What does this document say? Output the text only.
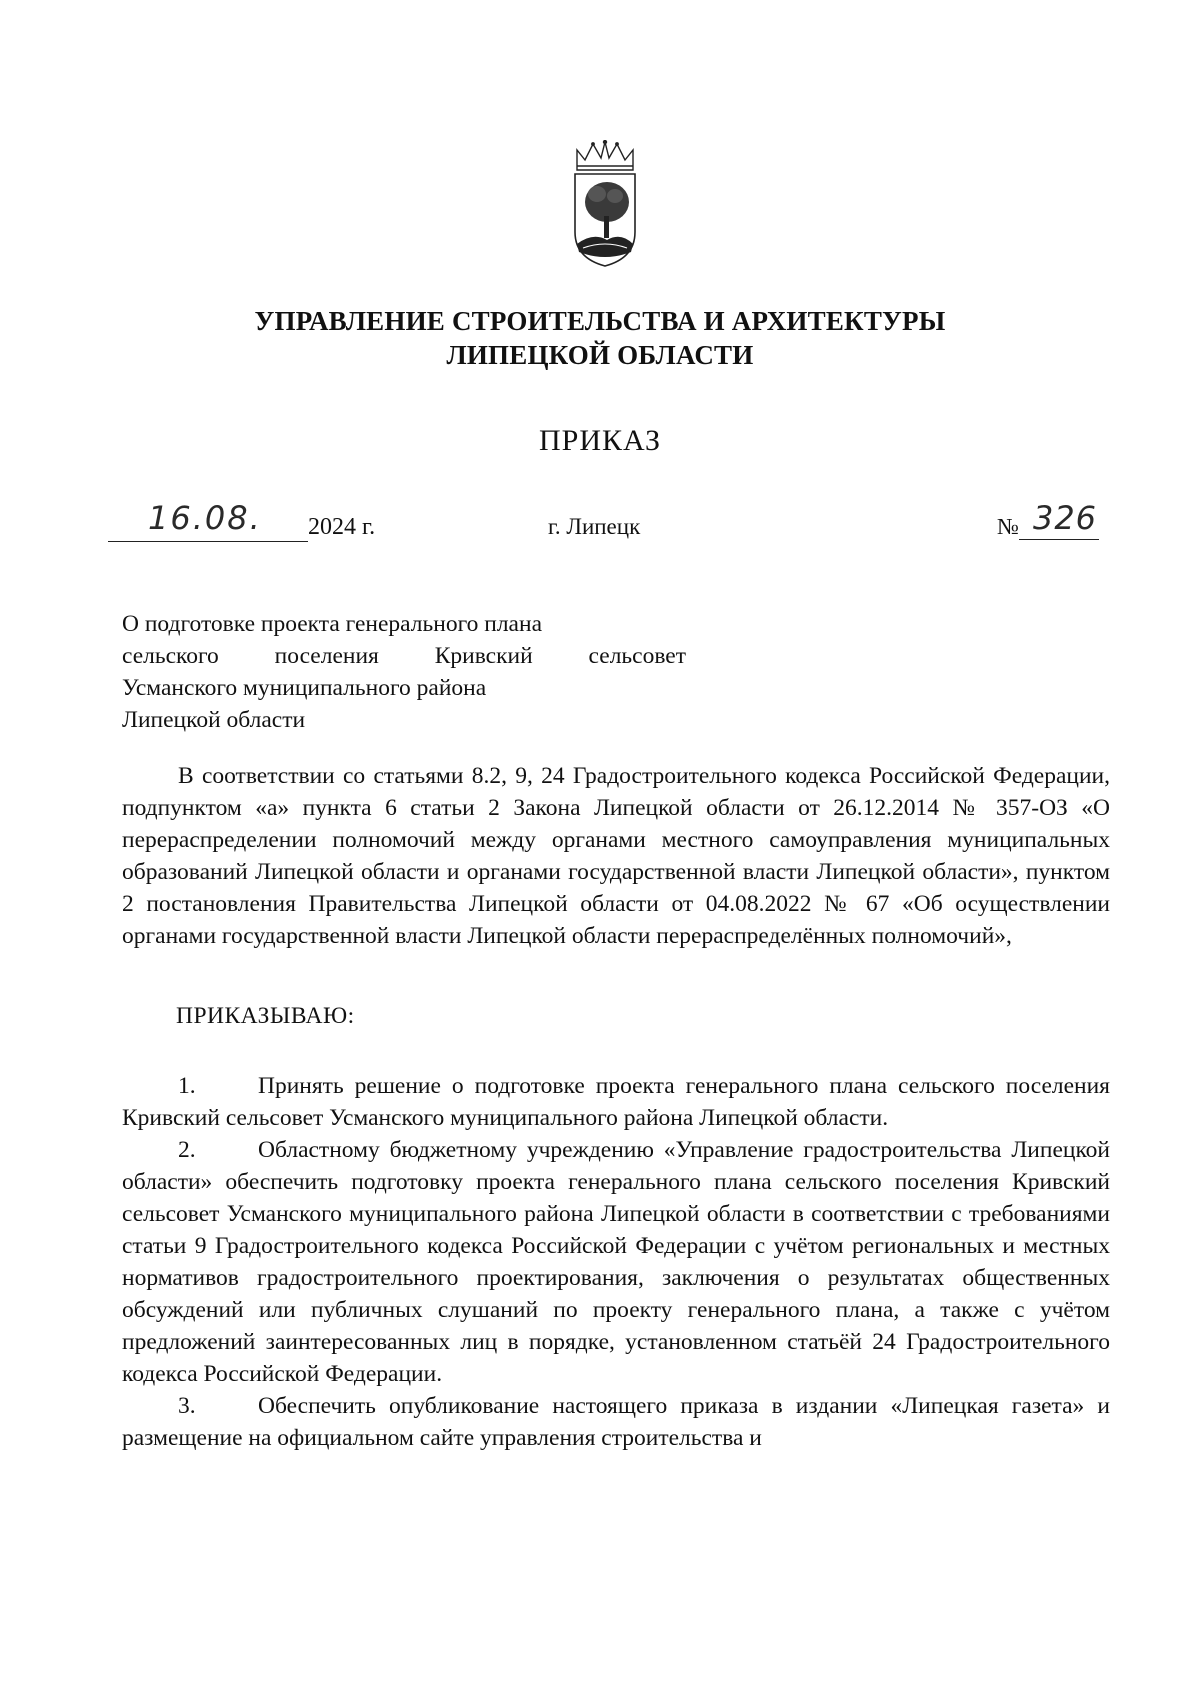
УПРАВЛЕНИЕ СТРОИТЕЛЬСТВА И АРХИТЕКТУРЫ
ЛИПЕЦКОЙ ОБЛАСТИ
ПРИКАЗ
16.08. 2024 г.	г. Липецк	№ 326
О подготовке проекта генерального плана
сельского поселения Кривский сельсовет
Усманского муниципального района
Липецкой области
В соответствии со статьями 8.2, 9, 24 Градостроительного кодекса Российской Федерации, подпунктом «а» пункта 6 статьи 2 Закона Липецкой области от 26.12.2014 № 357-ОЗ «О перераспределении полномочий между органами местного самоуправления муниципальных образований Липецкой области и органами государственной власти Липецкой области», пунктом 2 постановления Правительства Липецкой области от 04.08.2022 № 67 «Об осуществлении органами государственной власти Липецкой области перераспределённых полномочий»,
ПРИКАЗЫВАЮ:

1.	Принять решение о подготовке проекта генерального плана сельского поселения Кривский сельсовет Усманского муниципального района Липецкой области.

2.	Областному бюджетному учреждению «Управление градостроительства Липецкой области» обеспечить подготовку проекта генерального плана сельского поселения Кривский сельсовет Усманского муниципального района Липецкой области в соответствии с требованиями статьи 9 Градостроительного кодекса Российской Федерации с учётом региональных и местных нормативов градостроительного проектирования, заключения о результатах общественных обсуждений или публичных слушаний по проекту генерального плана, а также с учётом предложений заинтересованных лиц в порядке, установленном статьёй 24 Градостроительного кодекса Российской Федерации.

3.	Обеспечить опубликование настоящего приказа в издании «Липецкая газета» и размещение на официальном сайте управления строительства и
